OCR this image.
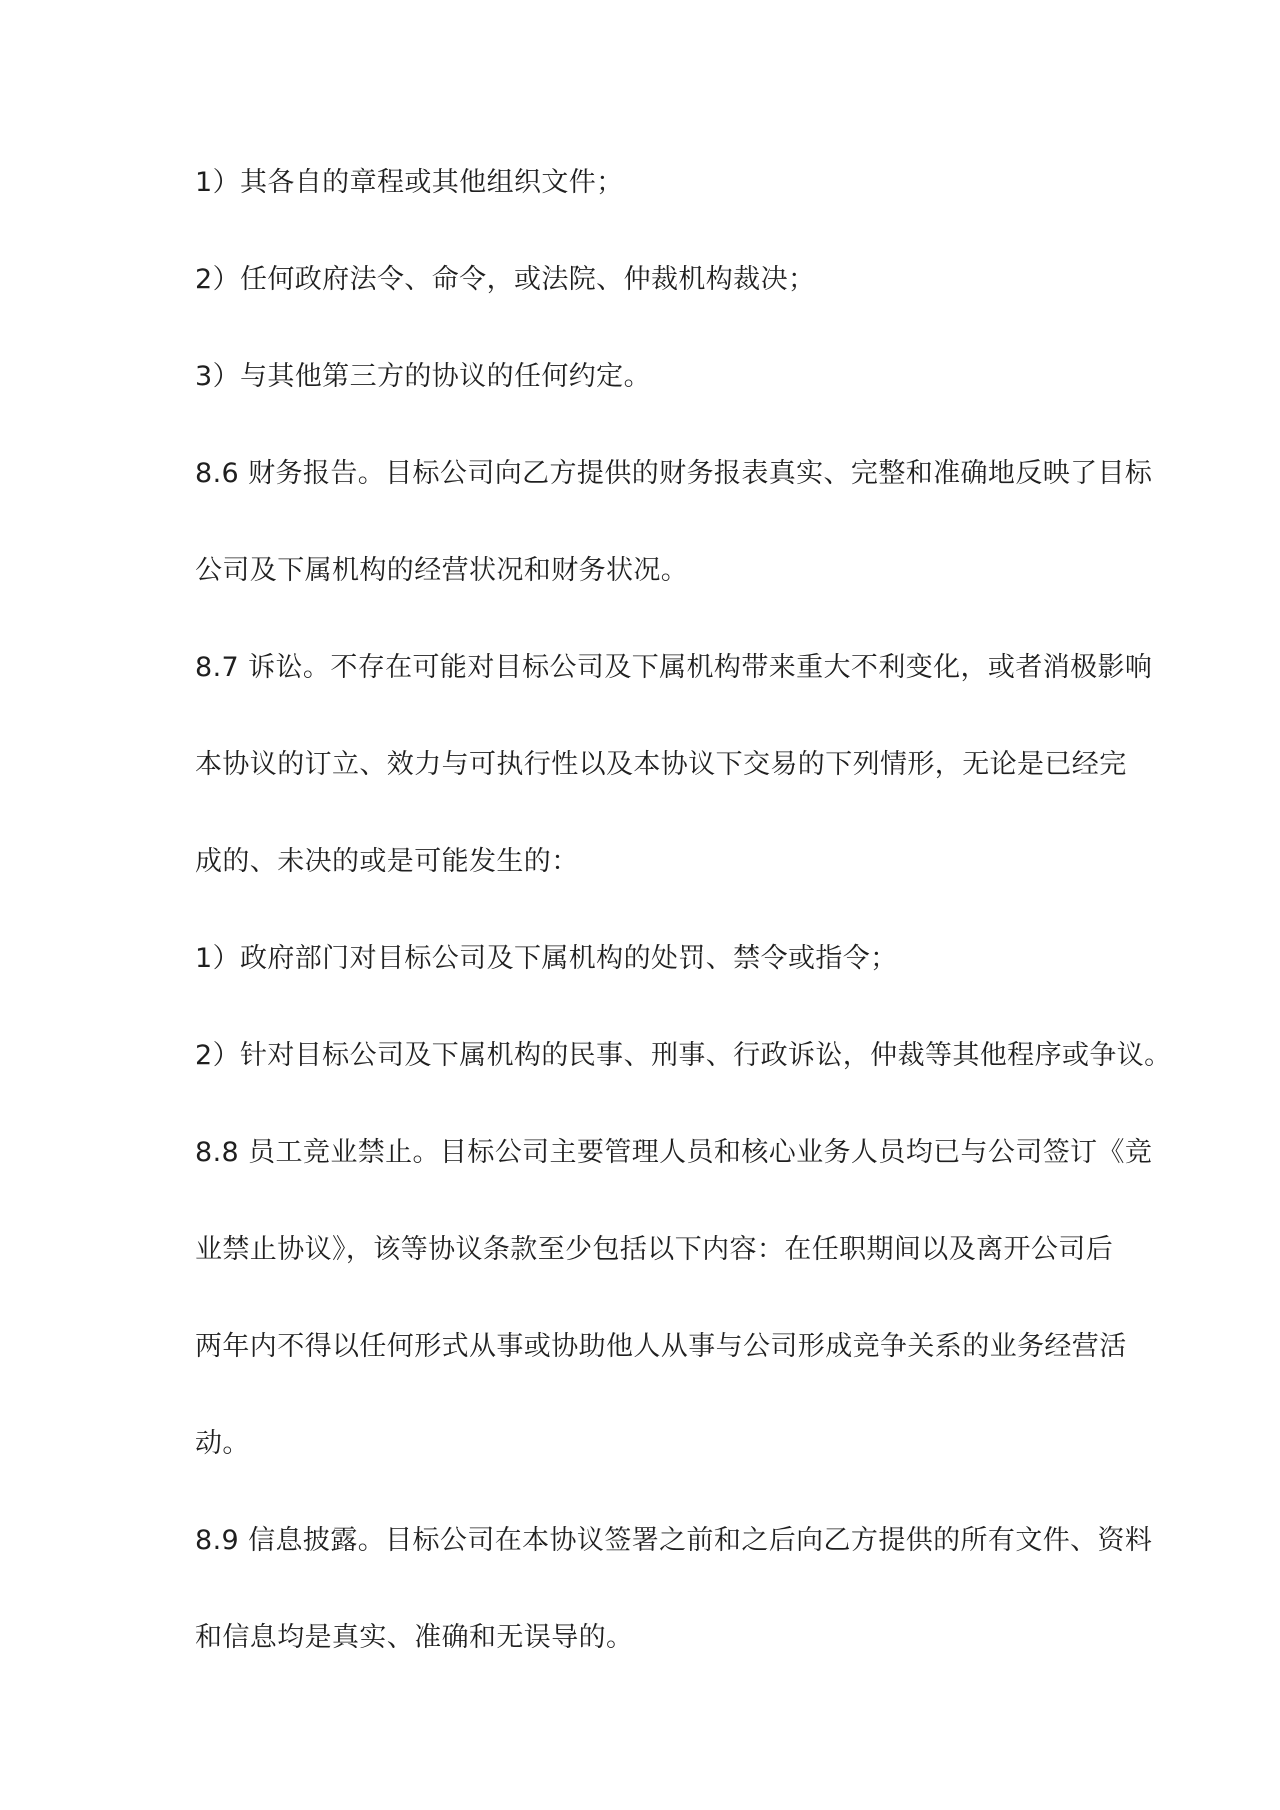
1）其各自的章程或其他组织文件；
2）任何政府法令、命令，或法院、仲裁机构裁决；
3）与其他第三方的协议的任何约定。
8.6 财务报告。目标公司向乙方提供的财务报表真实、完整和准确地反映了目标
公司及下属机构的经营状况和财务状况。
8.7 诉讼。不存在可能对目标公司及下属机构带来重大不利变化，或者消极影响
本协议的订立、效力与可执行性以及本协议下交易的下列情形，无论是已经完
成的、未决的或是可能发生的：
1）政府部门对目标公司及下属机构的处罚、禁令或指令；
2）针对目标公司及下属机构的民事、刑事、行政诉讼，仲裁等其他程序或争议。
8.8 员工竞业禁止。目标公司主要管理人员和核心业务人员均已与公司签订《竞
业禁止协议》，该等协议条款至少包括以下内容：在任职期间以及离开公司后
两年内不得以任何形式从事或协助他人从事与公司形成竞争关系的业务经营活
动。
8.9 信息披露。目标公司在本协议签署之前和之后向乙方提供的所有文件、资料
和信息均是真实、准确和无误导的。
